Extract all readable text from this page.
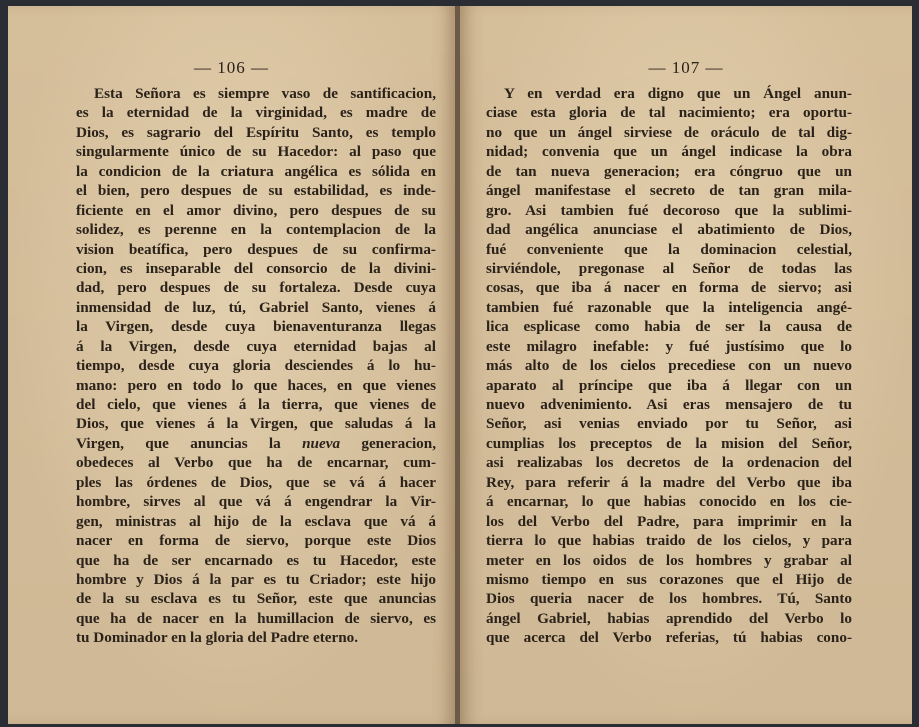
— 106 —
Esta Señora es siempre vaso de santificacion,
es la eternidad de la virginidad, es madre de
Dios, es sagrario del Espíritu Santo, es templo
singularmente único de su Hacedor: al paso que
la condicion de la criatura angélica es sólida en
el bien, pero despues de su estabilidad, es inde-
ficiente en el amor divino, pero despues de su
solidez, es perenne en la contemplacion de la
vision beatífica, pero despues de su confirma-
cion, es inseparable del consorcio de la divini-
dad, pero despues de su fortaleza. Desde cuya
inmensidad de luz, tú, Gabriel Santo, vienes á
la Virgen, desde cuya bienaventuranza llegas
á la Virgen, desde cuya eternidad bajas al
tiempo, desde cuya gloria desciendes á lo hu-
mano: pero en todo lo que haces, en que vienes
del cielo, que vienes á la tierra, que vienes de
Dios, que vienes á la Virgen, que saludas á la
Virgen, que anuncias la nueva generacion,
obedeces al Verbo que ha de encarnar, cum-
ples las órdenes de Dios, que se vá á hacer
hombre, sirves al que vá á engendrar la Vir-
gen, ministras al hijo de la esclava que vá á
nacer en forma de siervo, porque este Dios
que ha de ser encarnado es tu Hacedor, este
hombre y Dios á la par es tu Criador; este hijo
de la su esclava es tu Señor, este que anuncias
que ha de nacer en la humillacion de siervo, es
tu Dominador en la gloria del Padre eterno.
— 107 —
Y en verdad era digno que un Ángel anun-
ciase esta gloria de tal nacimiento; era oportu-
no que un ángel sirviese de oráculo de tal dig-
nidad; convenia que un ángel indicase la obra
de tan nueva generacion; era cóngruo que un
ángel manifestase el secreto de tan gran mila-
gro. Asi tambien fué decoroso que la sublimi-
dad angélica anunciase el abatimiento de Dios,
fué conveniente que la dominacion celestial,
sirviéndole, pregonase al Señor de todas las
cosas, que iba á nacer en forma de siervo; asi
tambien fué razonable que la inteligencia angé-
lica esplicase como habia de ser la causa de
este milagro inefable: y fué justísimo que lo
más alto de los cielos precediese con un nuevo
aparato al príncipe que iba á llegar con un
nuevo advenimiento. Asi eras mensajero de tu
Señor, asi venias enviado por tu Señor, asi
cumplias los preceptos de la mision del Señor,
asi realizabas los decretos de la ordenacion del
Rey, para referir á la madre del Verbo que iba
á encarnar, lo que habias conocido en los cie-
los del Verbo del Padre, para imprimir en la
tierra lo que habias traido de los cielos, y para
meter en los oidos de los hombres y grabar al
mismo tiempo en sus corazones que el Hijo de
Dios queria nacer de los hombres. Tú, Santo
ángel Gabriel, habias aprendido del Verbo lo
que acerca del Verbo referias, tú habias cono-
